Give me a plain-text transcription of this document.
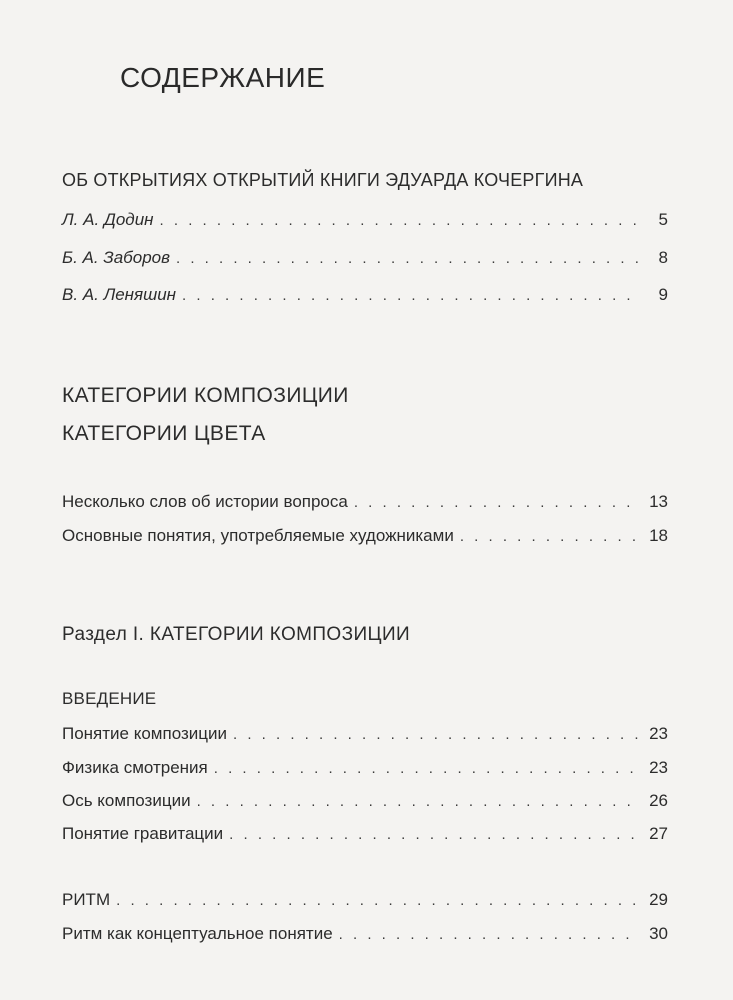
СОДЕРЖАНИЕ
ОБ ОТКРЫТИЯХ ОТКРЫТИЙ КНИГИ ЭДУАРДА КОЧЕРГИНА
Л. А. Додин . . .	5
Б. А. Заборов . . .	8
В. А. Леняшин . . .	9
КАТЕГОРИИ КОМПОЗИЦИИ
КАТЕГОРИИ ЦВЕТА
Несколько слов об истории вопроса . . .	13
Основные понятия, употребляемые художниками . . .	18
Раздел I. КАТЕГОРИИ КОМПОЗИЦИИ
ВВЕДЕНИЕ
Понятие композиции . . .	23
Физика смотрения . . .	23
Ось композиции . . .	26
Понятие гравитации . . .	27
РИТМ . . .	29
Ритм как концептуальное понятие . . .	30
